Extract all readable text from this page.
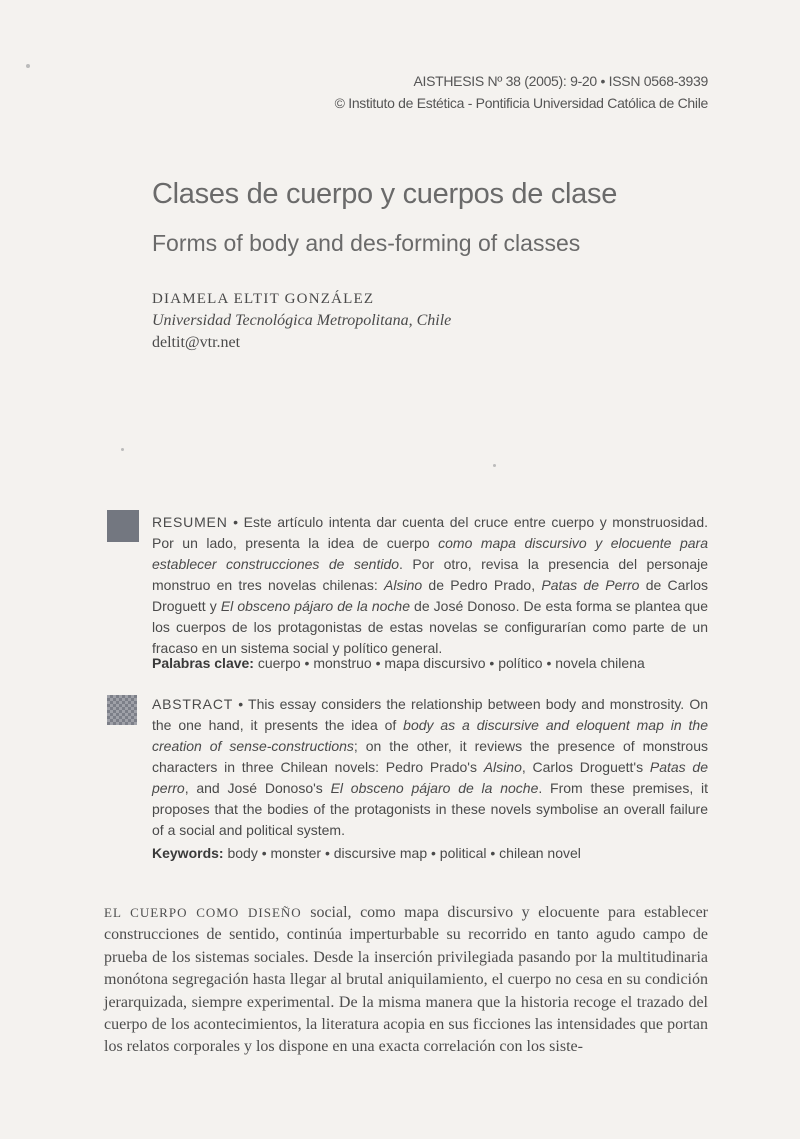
AISTHESIS Nº 38 (2005): 9-20 • ISSN 0568-3939
© Instituto de Estética - Pontificia Universidad Católica de Chile
Clases de cuerpo y cuerpos de clase
Forms of body and des-forming of classes
DIAMELA ELTIT GONZÁLEZ
Universidad Tecnológica Metropolitana, Chile
deltit@vtr.net
RESUMEN • Este artículo intenta dar cuenta del cruce entre cuerpo y monstruosidad. Por un lado, presenta la idea de cuerpo como mapa discursivo y elocuente para establecer construcciones de sentido. Por otro, revisa la presencia del personaje monstruo en tres novelas chilenas: Alsino de Pedro Prado, Patas de Perro de Carlos Droguett y El obsceno pájaro de la noche de José Donoso. De esta forma se plantea que los cuerpos de los protagonistas de estas novelas se configurarían como parte de un fracaso en un sistema social y político general.
Palabras clave: cuerpo • monstruo • mapa discursivo • político • novela chilena
ABSTRACT • This essay considers the relationship between body and monstrosity. On the one hand, it presents the idea of body as a discursive and eloquent map in the creation of sense-constructions; on the other, it reviews the presence of monstrous characters in three Chilean novels: Pedro Prado's Alsino, Carlos Droguett's Patas de perro, and José Donoso's El obsceno pájaro de la noche. From these premises, it proposes that the bodies of the protagonists in these novels symbolise an overall failure of a social and political system.
Keywords: body • monster • discursive map • political • chilean novel
EL CUERPO COMO DISEÑO social, como mapa discursivo y elocuente para establecer construcciones de sentido, continúa imperturbable su recorrido en tanto agudo campo de prueba de los sistemas sociales. Desde la inserción privilegiada pasando por la multitudinaria monótona segregación hasta llegar al brutal aniquilamiento, el cuerpo no cesa en su condición jerarquizada, siempre experimental. De la misma manera que la historia recoge el trazado del cuerpo de los acontecimientos, la literatura acopia en sus ficciones las intensidades que portan los relatos corporales y los dispone en una exacta correlación con los siste-
